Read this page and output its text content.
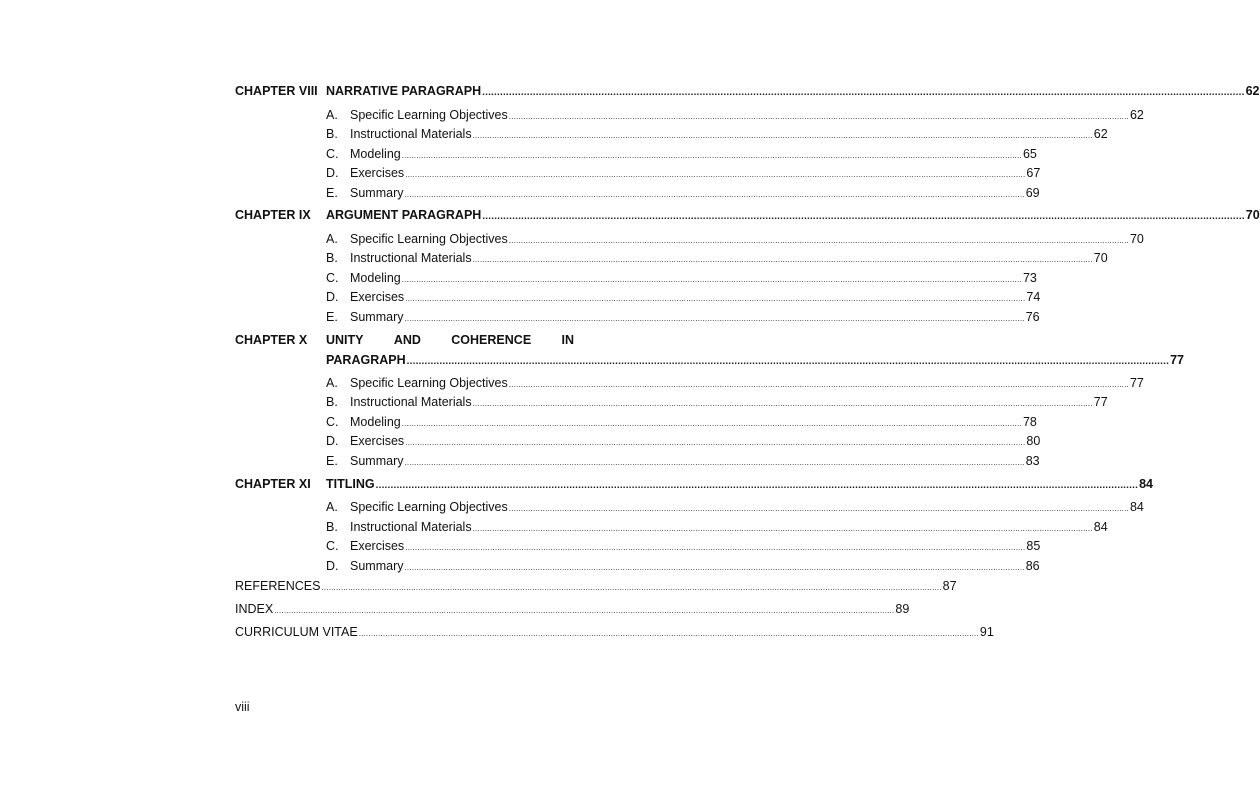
CHAPTER VIII NARRATIVE PARAGRAPH ................................................................................................................................................................................................................................................................ 62
A. Specific Learning Objectives ................................................................................................................................................................................................................................................................ 62
B. Instructional Materials ................................................................................................................................................................................................................................................................ 62
C. Modeling ................................................................................................................................................................................................................................................................ 65
D. Exercises ................................................................................................................................................................................................................................................................ 67
E. Summary ................................................................................................................................................................................................................................................................ 69
CHAPTER IX	ARGUMENT PARAGRAPH ................................................................................................................................................................................................................................................................ 70
A. Specific Learning Objectives ................................................................................................................................................................................................................................................................ 70
B. Instructional Materials ................................................................................................................................................................................................................................................................ 70
C. Modeling ................................................................................................................................................................................................................................................................ 73
D. Exercises ................................................................................................................................................................................................................................................................ 74
E. Summary ................................................................................................................................................................................................................................................................ 76
CHAPTER X	UNITY AND COHERENCE IN
PARAGRAPH ................................................................................................................................................................................................................................................................ 77
A. Specific Learning Objectives ................................................................................................................................................................................................................................................................ 77
B. Instructional Materials ................................................................................................................................................................................................................................................................ 77
C. Modeling ................................................................................................................................................................................................................................................................ 78
D. Exercises ................................................................................................................................................................................................................................................................ 80
E. Summary ................................................................................................................................................................................................................................................................ 83
CHAPTER XI	TITLING ................................................................................................................................................................................................................................................................ 84
A. Specific Learning Objectives ................................................................................................................................................................................................................................................................ 84
B. Instructional Materials ................................................................................................................................................................................................................................................................ 84
C. Exercises ................................................................................................................................................................................................................................................................ 85
D. Summary ................................................................................................................................................................................................................................................................ 86
REFERENCES ................................................................................................................................................................................................................................................................ 87
INDEX ................................................................................................................................................................................................................................................................ 89
CURRICULUM VITAE ................................................................................................................................................................................................................................................................ 91
viii
